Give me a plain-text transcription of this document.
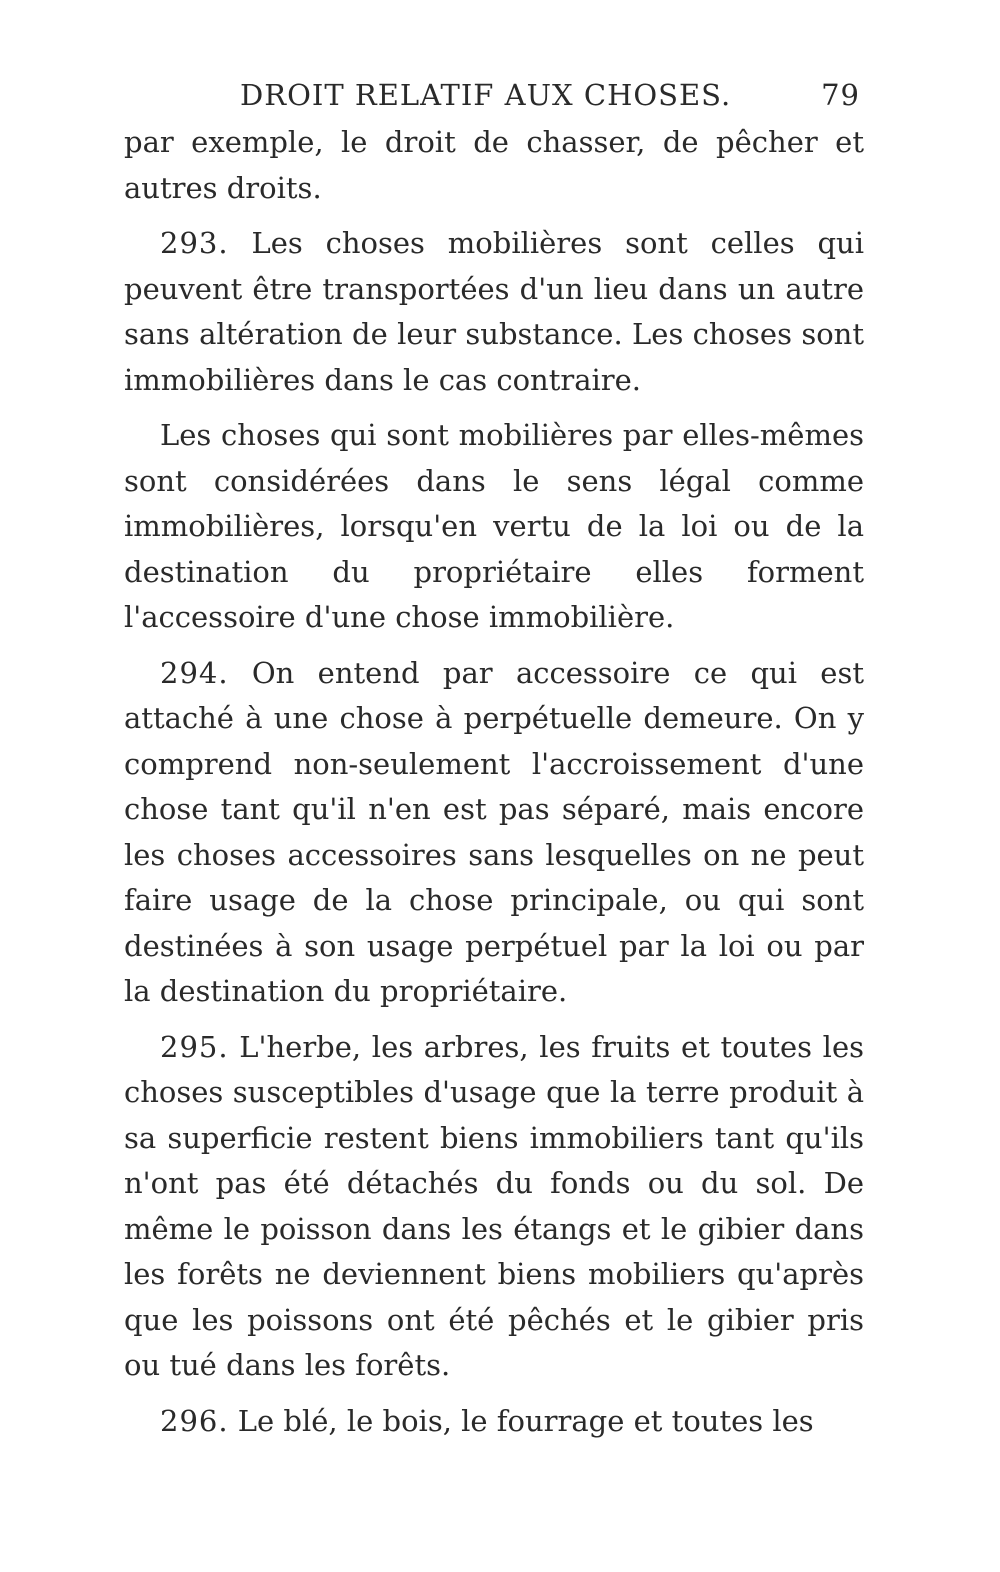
DROIT RELATIF AUX CHOSES.	79

par exemple, le droit de chasser, de pêcher et autres droits.

293. Les choses mobilières sont celles qui peuvent être transportées d'un lieu dans un autre sans altération de leur substance. Les choses sont immobilières dans le cas contraire.

Les choses qui sont mobilières par elles-mêmes sont considérées dans le sens légal comme immobilières, lorsqu'en vertu de la loi ou de la destination du propriétaire elles forment l'accessoire d'une chose immobilière.

294. On entend par accessoire ce qui est attaché à une chose à perpétuelle demeure. On y comprend non-seulement l'accroissement d'une chose tant qu'il n'en est pas séparé, mais encore les choses accessoires sans lesquelles on ne peut faire usage de la chose principale, ou qui sont destinées à son usage perpétuel par la loi ou par la destination du propriétaire.

295. L'herbe, les arbres, les fruits et toutes les choses susceptibles d'usage que la terre produit à sa superficie restent biens immobiliers tant qu'ils n'ont pas été détachés du fonds ou du sol. De même le poisson dans les étangs et le gibier dans les forêts ne deviennent biens mobiliers qu'après que les poissons ont été pêchés et le gibier pris ou tué dans les forêts.

296. Le blé, le bois, le fourrage et toutes les
